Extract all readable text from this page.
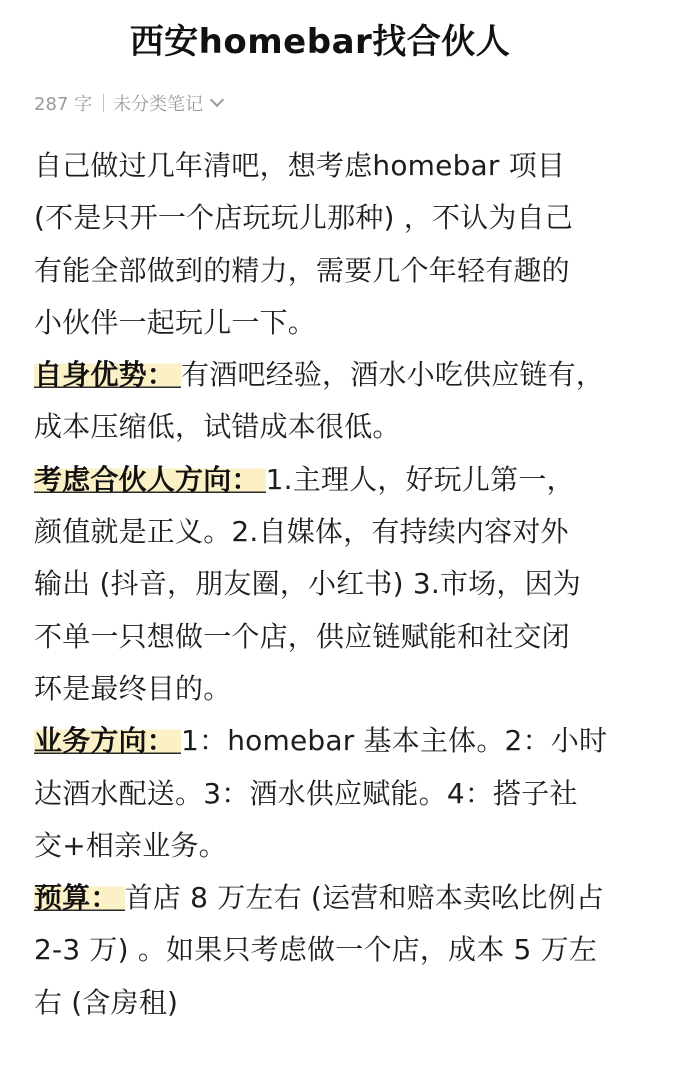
西安homebar找合伙人
287 字 未分类笔记
自己做过几年清吧，想考虑homebar 项目
(不是只开一个店玩玩儿那种) ，不认为自己
有能全部做到的精力，需要几个年轻有趣的
小伙伴一起玩儿一下。
自身优势： 有酒吧经验，酒水小吃供应链有，
成本压缩低，试错成本很低。
考虑合伙人方向： 1.主理人，好玩儿第一，
颜值就是正义。2.自媒体，有持续内容对外
输出 (抖音，朋友圈，小红书) 3.市场，因为
不单一只想做一个店，供应链赋能和社交闭
环是最终目的。
业务方向： 1：homebar 基本主体。2：小时
达酒水配送。3：酒水供应赋能。4：搭子社
交+相亲业务。
预算： 首店 8 万左右 (运营和赔本卖吆比例占
2-3 万) 。如果只考虑做一个店，成本 5 万左
右 (含房租)
